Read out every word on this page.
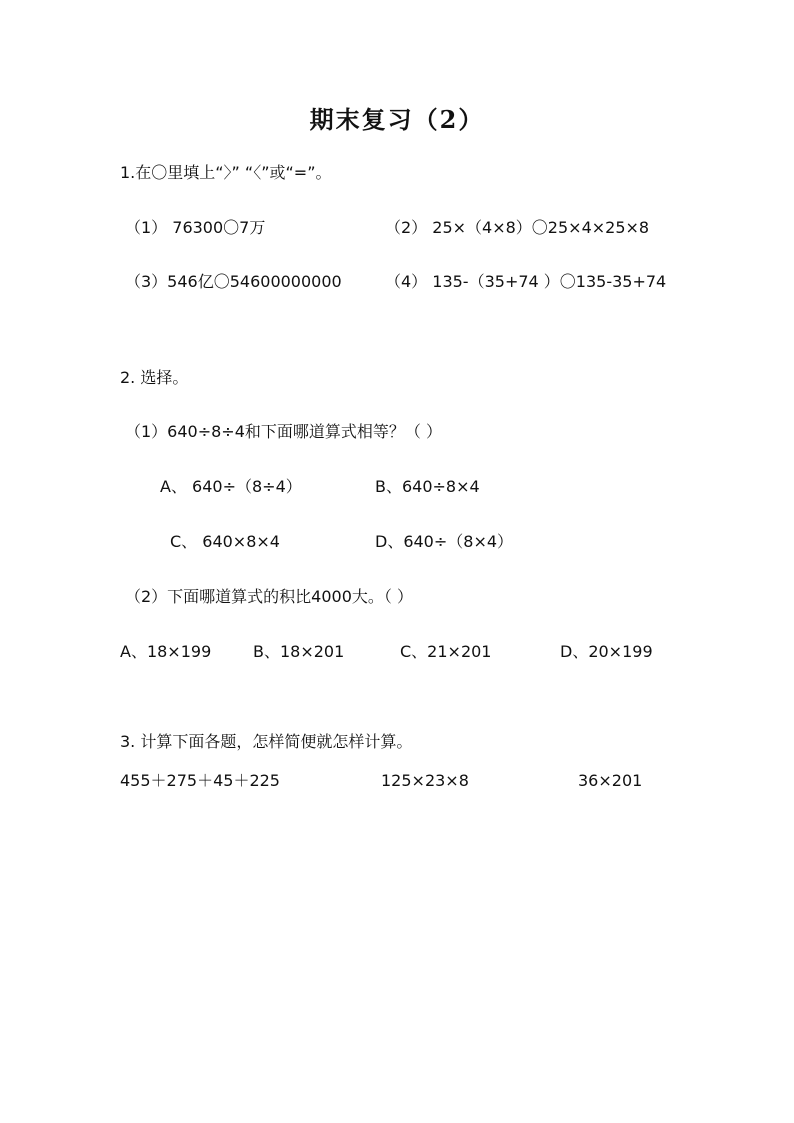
期末复习（2）
1.在〇里填上“〉” “〈”或“=”。
（1） 76300〇7万	（2） 25×（4×8）〇25×4×25×8
（3）546亿〇54600000000	（4） 135-（35+74 ）〇135-35+74
2. 选择。
（1）640÷8÷4和下面哪道算式相等？（ ）
A、 640÷（8÷4）	B、640÷8×4
C、 640×8×4	D、640÷（8×4）
（2）下面哪道算式的积比4000大。（ ）
A、18×199	B、18×201	C、21×201	D、20×199
3. 计算下面各题，怎样简便就怎样计算。
455＋275＋45＋225	125×23×8	36×201
